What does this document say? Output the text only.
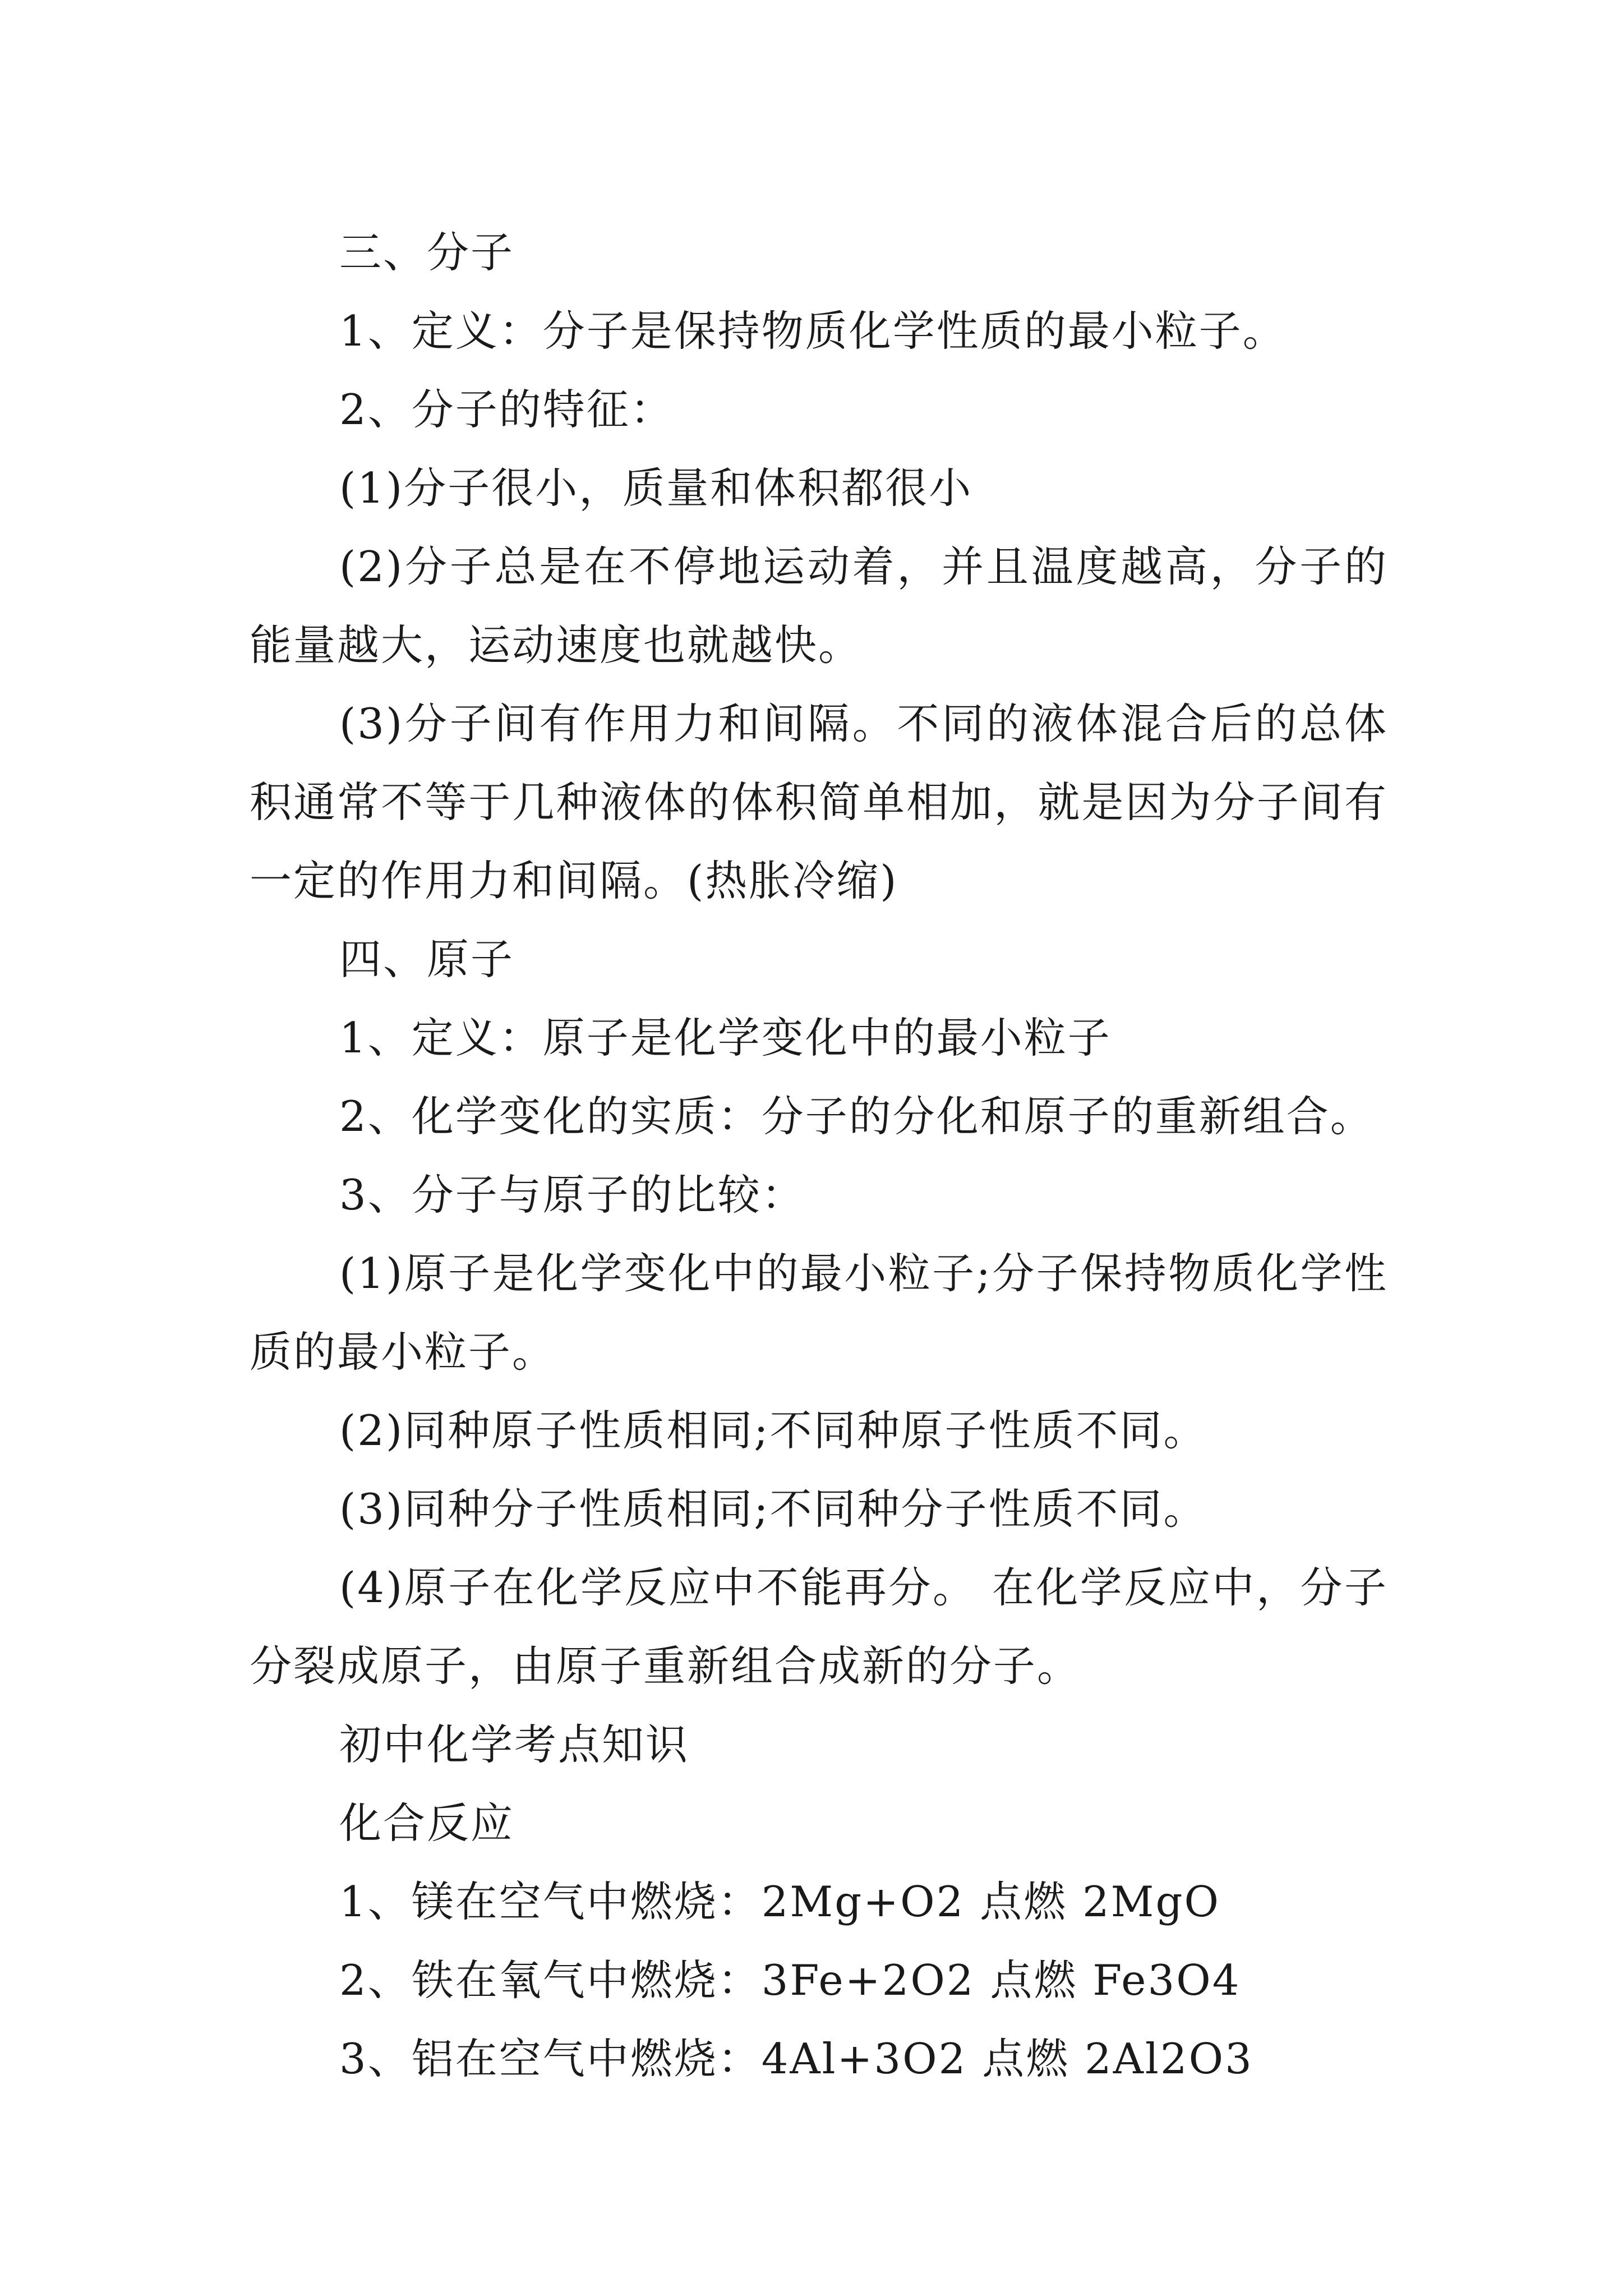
三、分子

1、定义：分子是保持物质化学性质的最小粒子。

2、分子的特征：

(1)分子很小，质量和体积都很小

(2)分子总是在不停地运动着，并且温度越高，分子的能量越大，运动速度也就越快。

(3)分子间有作用力和间隔。不同的液体混合后的总体积通常不等于几种液体的体积简单相加，就是因为分子间有一定的作用力和间隔。(热胀冷缩)

四、原子

1、定义：原子是化学变化中的最小粒子

2、化学变化的实质：分子的分化和原子的重新组合。

3、分子与原子的比较：

(1)原子是化学变化中的最小粒子;分子保持物质化学性质的最小粒子。

(2)同种原子性质相同;不同种原子性质不同。

(3)同种分子性质相同;不同种分子性质不同。

(4)原子在化学反应中不能再分。 在化学反应中，分子分裂成原子，由原子重新组合成新的分子。

初中化学考点知识

化合反应

1、镁在空气中燃烧：2Mg+O2 点燃 2MgO

2、铁在氧气中燃烧：3Fe+2O2 点燃 Fe3O4

3、铝在空气中燃烧：4Al+3O2 点燃 2Al2O3
